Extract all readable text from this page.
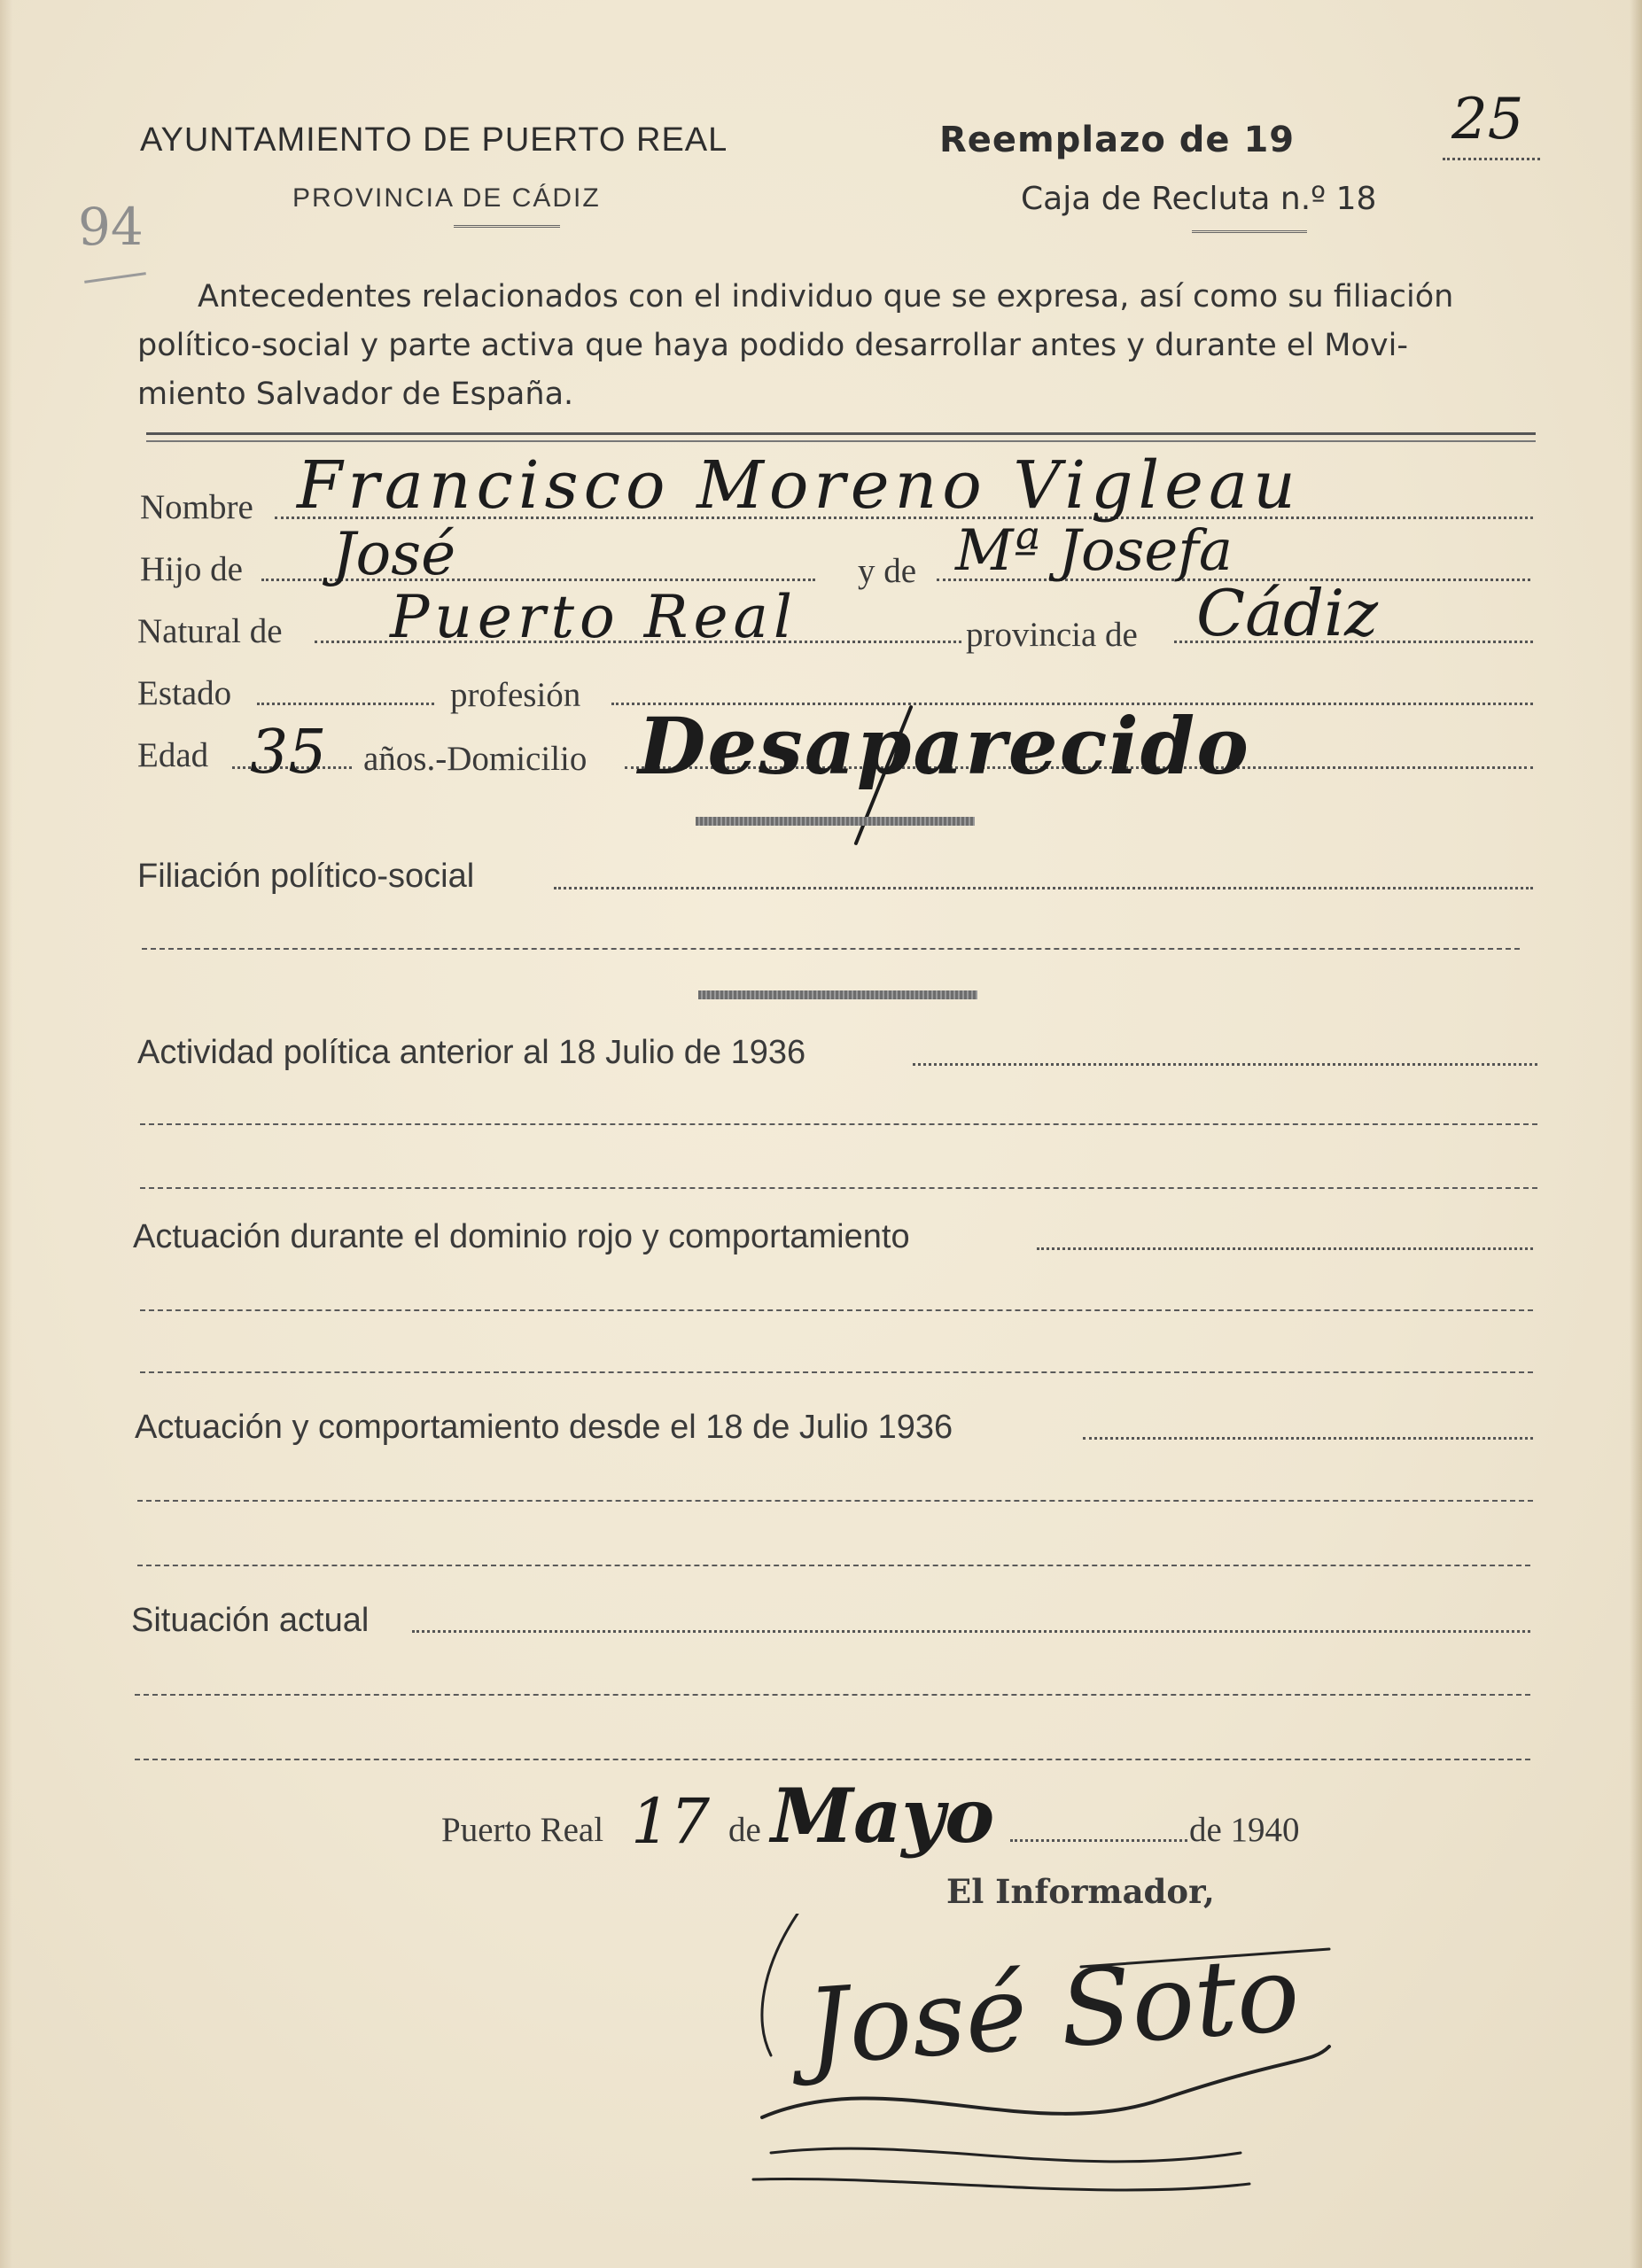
AYUNTAMIENTO DE PUERTO REAL
PROVINCIA DE CÁDIZ
Reemplazo de 19	25
Caja de Recluta n.º 18
94
Antecedentes relacionados con el individuo que se expresa, así como su filiación
político-social y parte activa que haya podido desarrollar antes y durante el Movi-
miento Salvador de España.
Nombre Francisco Moreno Vigleau
Hijo de José	y de Mª Josefa
Natural de Puerto Real	provincia de Cádiz
Estado	profesión
Edad 35 años.-Domicilio Desaparecido
Filiación político-social
Actividad política anterior al 18 Julio de 1936
Actuación durante el dominio rojo y comportamiento
Actuación y comportamiento desde el 18 de Julio 1936
Situación actual
Puerto Real 17 de Mayo	de 1940
El Informador,
José Soto
